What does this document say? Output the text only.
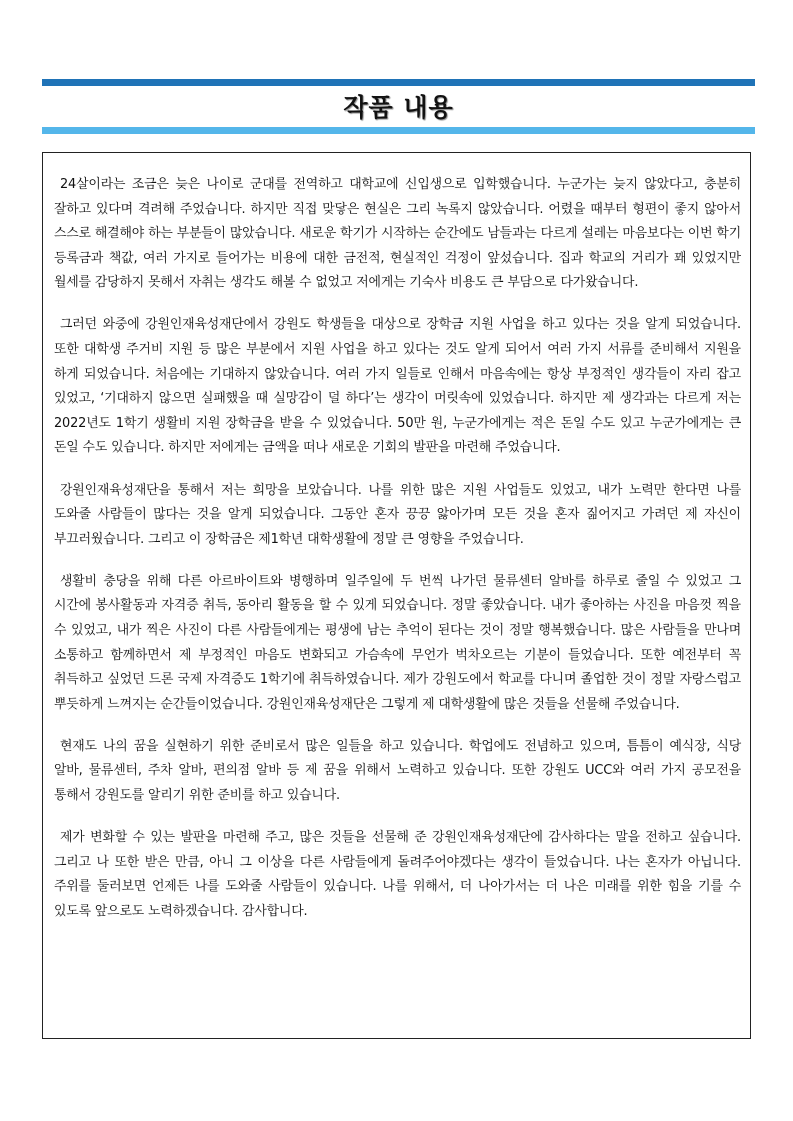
작품 내용

24살이라는 조금은 늦은 나이로 군대를 전역하고 대학교에 신입생으로 입학했습니다. 누군가는 늦지 않았다고, 충분히 잘하고 있다며 격려해 주었습니다. 하지만 직접 맞닿은 현실은 그리 녹록지 않았습니다. 어렸을 때부터 형편이 좋지 않아서 스스로 해결해야 하는 부분들이 많았습니다. 새로운 학기가 시작하는 순간에도 남들과는 다르게 설레는 마음보다는 이번 학기 등록금과 책값, 여러 가지로 들어가는 비용에 대한 금전적, 현실적인 걱정이 앞섰습니다. 집과 학교의 거리가 꽤 있었지만 월세를 감당하지 못해서 자취는 생각도 해볼 수 없었고 저에게는 기숙사 비용도 큰 부담으로 다가왔습니다.

그러던 와중에 강원인재육성재단에서 강원도 학생들을 대상으로 장학금 지원 사업을 하고 있다는 것을 알게 되었습니다. 또한 대학생 주거비 지원 등 많은 부분에서 지원 사업을 하고 있다는 것도 알게 되어서 여러 가지 서류를 준비해서 지원을 하게 되었습니다. 처음에는 기대하지 않았습니다. 여러 가지 일들로 인해서 마음속에는 항상 부정적인 생각들이 자리 잡고 있었고, ‘기대하지 않으면 실패했을 때 실망감이 덜 하다’는 생각이 머릿속에 있었습니다. 하지만 제 생각과는 다르게 저는 2022년도 1학기 생활비 지원 장학금을 받을 수 있었습니다. 50만 원, 누군가에게는 적은 돈일 수도 있고 누군가에게는 큰 돈일 수도 있습니다. 하지만 저에게는 금액을 떠나 새로운 기회의 발판을 마련해 주었습니다.

강원인재육성재단을 통해서 저는 희망을 보았습니다. 나를 위한 많은 지원 사업들도 있었고, 내가 노력만 한다면 나를 도와줄 사람들이 많다는 것을 알게 되었습니다. 그동안 혼자 끙끙 앓아가며 모든 것을 혼자 짊어지고 가려던 제 자신이 부끄러웠습니다. 그리고 이 장학금은 제1학년 대학생활에 정말 큰 영향을 주었습니다.

생활비 충당을 위해 다른 아르바이트와 병행하며 일주일에 두 번씩 나가던 물류센터 알바를 하루로 줄일 수 있었고 그 시간에 봉사활동과 자격증 취득, 동아리 활동을 할 수 있게 되었습니다. 정말 좋았습니다. 내가 좋아하는 사진을 마음껏 찍을 수 있었고, 내가 찍은 사진이 다른 사람들에게는 평생에 남는 추억이 된다는 것이 정말 행복했습니다. 많은 사람들을 만나며 소통하고 함께하면서 제 부정적인 마음도 변화되고 가슴속에 무언가 벅차오르는 기분이 들었습니다. 또한 예전부터 꼭 취득하고 싶었던 드론 국제 자격증도 1학기에 취득하였습니다. 제가 강원도에서 학교를 다니며 졸업한 것이 정말 자랑스럽고 뿌듯하게 느껴지는 순간들이었습니다. 강원인재육성재단은 그렇게 제 대학생활에 많은 것들을 선물해 주었습니다.

현재도 나의 꿈을 실현하기 위한 준비로서 많은 일들을 하고 있습니다. 학업에도 전념하고 있으며, 틈틈이 예식장, 식당 알바, 물류센터, 주차 알바, 편의점 알바 등 제 꿈을 위해서 노력하고 있습니다. 또한 강원도 UCC와 여러 가지 공모전을 통해서 강원도를 알리기 위한 준비를 하고 있습니다.

제가 변화할 수 있는 발판을 마련해 주고, 많은 것들을 선물해 준 강원인재육성재단에 감사하다는 말을 전하고 싶습니다. 그리고 나 또한 받은 만큼, 아니 그 이상을 다른 사람들에게 돌려주어야겠다는 생각이 들었습니다. 나는 혼자가 아닙니다. 주위를 둘러보면 언제든 나를 도와줄 사람들이 있습니다. 나를 위해서, 더 나아가서는 더 나은 미래를 위한 힘을 기를 수 있도록 앞으로도 노력하겠습니다. 감사합니다.
